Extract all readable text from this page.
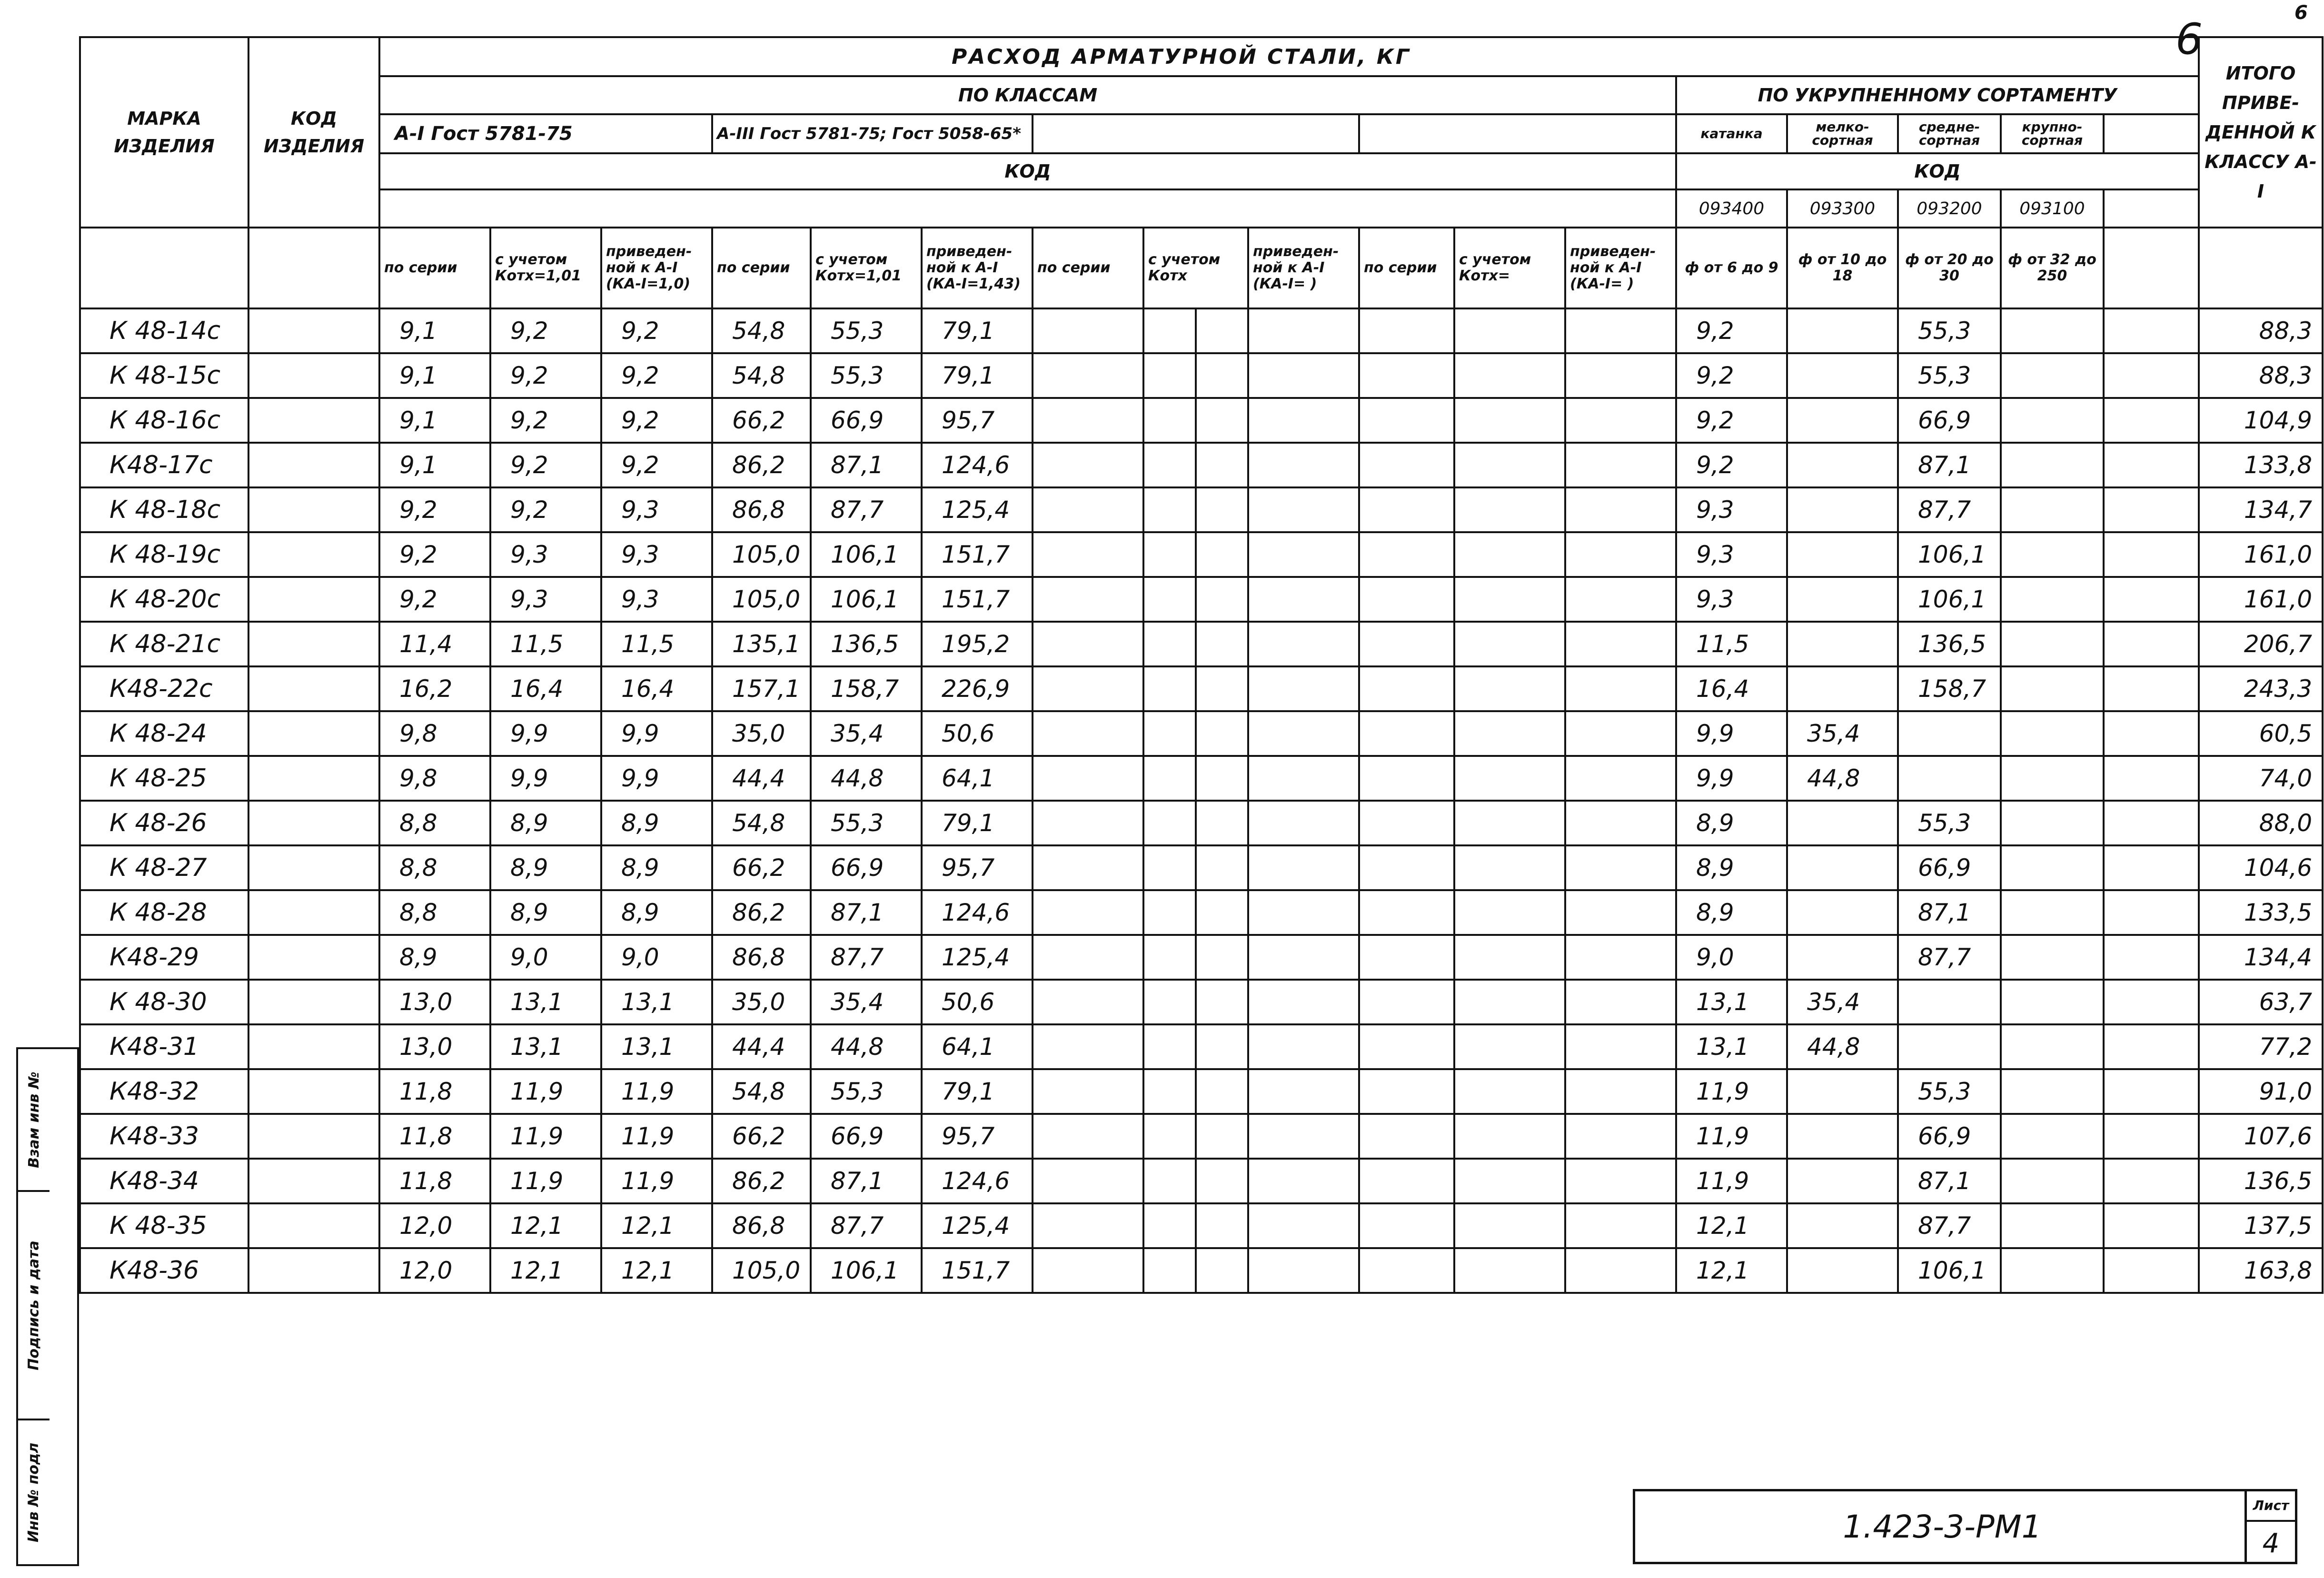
6
6
МАРКА ИЗДЕЛИЯ	КОД ИЗДЕЛИЯ	РАСХОД АРМАТУРНОЙ СТАЛИ, КГ																		ИТОГО ПРИВЕ-ДЕННОЙ К КЛАССУ А-I
		ПО КЛАССАМ													ПО УКРУПНЕННОМУ СОРТАМЕНТУ					
		А-I Гост 5781-75			А-III Гост 5781-75; Гост 5058-65*										катанка	мелко-сортная	средне-сортная	крупно-сортная		
		КОД													КОД					
															093400	093300	093200	093100		
		по серии	с учетом Котх=1,01	приведен-ной к А-I (КА-I=1,0)	по серии	с учетом Котх=1,01	приведен-ной к А-I (КА-I=1,43)	по серии	с учетом Котх		приведен-ной к А-I (КА-I= )	по серии	с учетом Котх=	приведен-ной к А-I (КА-I= )	ф от 6 до 9	ф от 10 до 18	ф от 20 до 30	ф от 32 до 250		
К 48-14с		9,1	9,2	9,2	54,8	55,3	79,1								9,2		55,3			88,3
К 48-15с		9,1	9,2	9,2	54,8	55,3	79,1								9,2		55,3			88,3
К 48-16с		9,1	9,2	9,2	66,2	66,9	95,7								9,2		66,9			104,9
К48-17с		9,1	9,2	9,2	86,2	87,1	124,6								9,2		87,1			133,8
К 48-18с		9,2	9,2	9,3	86,8	87,7	125,4								9,3		87,7			134,7
К 48-19с		9,2	9,3	9,3	105,0	106,1	151,7								9,3		106,1			161,0
К 48-20с		9,2	9,3	9,3	105,0	106,1	151,7								9,3		106,1			161,0
К 48-21с		11,4	11,5	11,5	135,1	136,5	195,2								11,5		136,5			206,7
К48-22с		16,2	16,4	16,4	157,1	158,7	226,9								16,4		158,7			243,3
К 48-24		9,8	9,9	9,9	35,0	35,4	50,6								9,9	35,4				60,5
К 48-25		9,8	9,9	9,9	44,4	44,8	64,1								9,9	44,8				74,0
К 48-26		8,8	8,9	8,9	54,8	55,3	79,1								8,9		55,3			88,0
К 48-27		8,8	8,9	8,9	66,2	66,9	95,7								8,9		66,9			104,6
К 48-28		8,8	8,9	8,9	86,2	87,1	124,6								8,9		87,1			133,5
К48-29		8,9	9,0	9,0	86,8	87,7	125,4								9,0		87,7			134,4
К 48-30		13,0	13,1	13,1	35,0	35,4	50,6								13,1	35,4				63,7
К48-31		13,0	13,1	13,1	44,4	44,8	64,1								13,1	44,8				77,2
К48-32		11,8	11,9	11,9	54,8	55,3	79,1								11,9		55,3			91,0
К48-33		11,8	11,9	11,9	66,2	66,9	95,7								11,9		66,9			107,6
К48-34		11,8	11,9	11,9	86,2	87,1	124,6								11,9		87,1			136,5
К 48-35		12,0	12,1	12,1	86,8	87,7	125,4								12,1		87,7			137,5
К48-36		12,0	12,1	12,1	105,0	106,1	151,7								12,1		106,1			163,8
Взам инв №
Подпись и дата
Инв № подл	1.423-3-РМ1
Лист
4
